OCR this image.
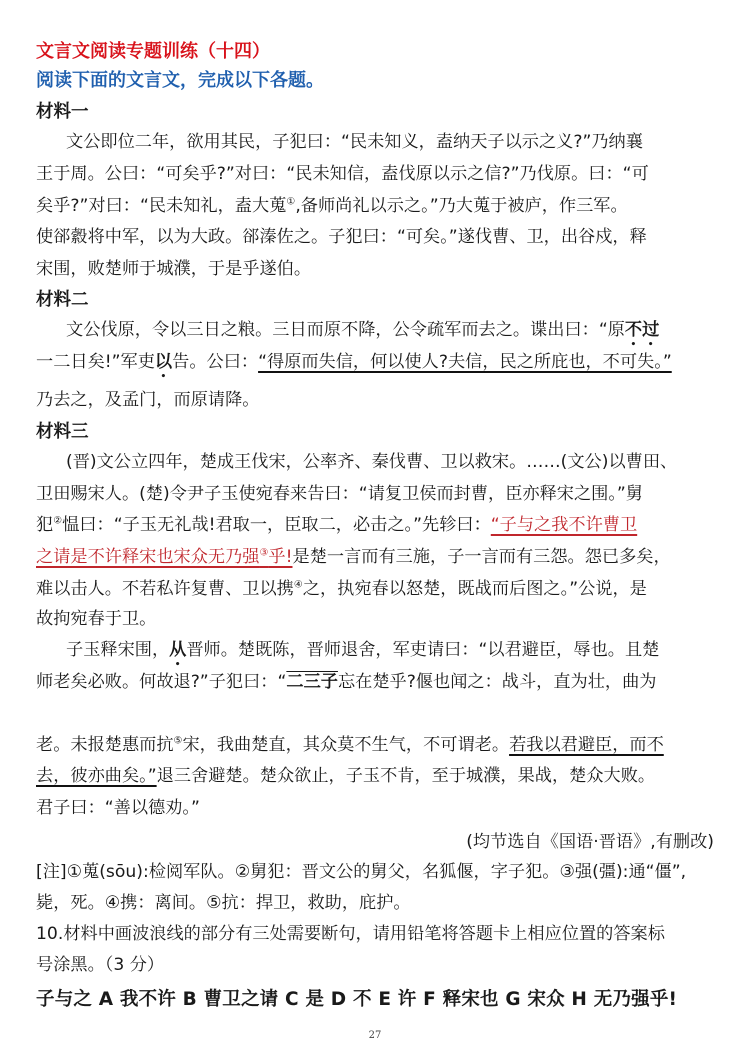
文言文阅读专题训练（十四）
阅读下面的文言文，完成以下各题。
材料一
文公即位二年，欲用其民，子犯曰：“民未知义，盍纳天子以示之义?”乃纳襄
王于周。公曰：“可矣乎?”对曰：“民未知信，盍伐原以示之信?”乃伐原。曰：“可
矣乎?”对曰：“民未知礼，盍大蒐①,备师尚礼以示之。”乃大蒐于被庐，作三军。
使郤縠将中军，以为大政。郤溱佐之。子犯曰：“可矣。”遂伐曹、卫，出谷戍，释
宋围，败楚师于城濮，于是乎遂伯。
材料二
文公伐原，令以三日之粮。三日而原不降，公令疏军而去之。谍出曰：“原不过
一二日矣!”军吏以告。公曰：“得原而失信，何以使人?夫信，民之所庇也，不可失。”
乃去之，及孟门，而原请降。
材料三
(晋)文公立四年，楚成王伐宋，公率齐、秦伐曹、卫以救宋。……(文公)以曹田、
卫田赐宋人。(楚)令尹子玉使宛春来告曰：“请复卫侯而封曹，臣亦释宋之围。”舅
犯②愠曰：“子玉无礼哉!君取一，臣取二，必击之。”先轸曰：“子与之我不许曹卫
之请是不许释宋也宋众无乃强③乎!是楚一言而有三施，子一言而有三怨。怨已多矣，
难以击人。不若私许复曹、卫以携④之，执宛春以怒楚，既战而后图之。”公说，是
故拘宛春于卫。
子玉释宋围，从晋师。楚既陈，晋师退舍，军吏请曰：“以君避臣，辱也。且楚
师老矣必败。何故退?”子犯曰：“二三子忘在楚乎?偃也闻之：战斗，直为壮，曲为
老。未报楚惠而抗⑤宋，我曲楚直，其众莫不生气，不可谓老。若我以君避臣，而不
去，彼亦曲矣。”退三舍避楚。楚众欲止，子玉不肯，至于城濮，果战，楚众大败。
君子曰：“善以德劝。”
(均节选自《国语·晋语》,有删改)
[注]①蒐(sōu):检阅军队。②舅犯：晋文公的舅父，名狐偃，字子犯。③强(彊):通“僵”,
毙，死。④携：离间。⑤抗：捍卫，救助，庇护。
10.材料中画波浪线的部分有三处需要断句，请用铅笔将答题卡上相应位置的答案标
号涂黑。（3 分）
子与之 A 我不许 B 曹卫之请 C 是 D 不 E 许 F 释宋也 G 宋众 H 无乃强乎!
27
